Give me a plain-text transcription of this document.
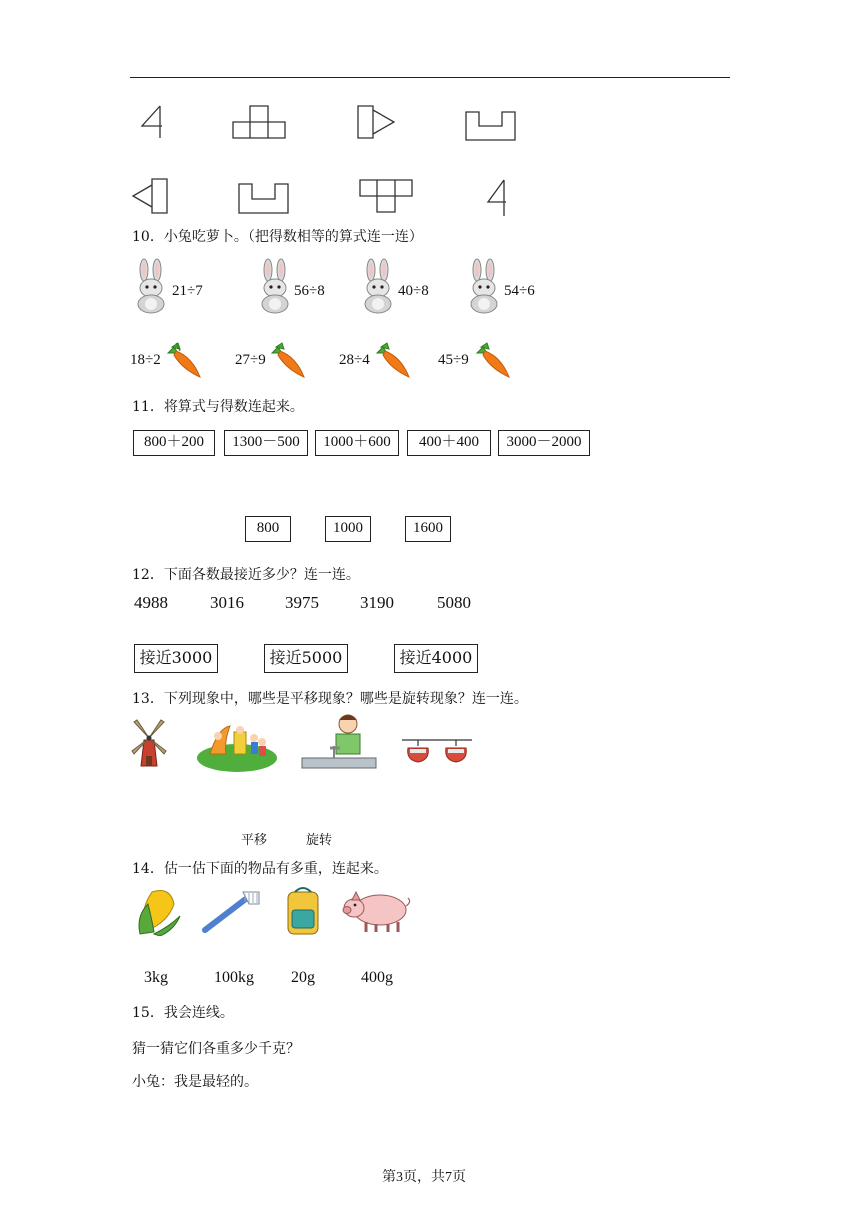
10．小兔吃萝卜。（把得数相等的算式连一连）
21÷7	56÷8	40÷8	54÷6
18÷2	27÷9	28÷4	45÷9
11．将算式与得数连起来。
800＋200	1300－500	1000＋600	400＋400	3000－2000
800	1000	1600
12．下面各数最接近多少？连一连。
4988 3016 3975 3190	5080
接近3000	接近5000	接近4000
13．下列现象中，哪些是平移现象？哪些是旋转现象？连一连。
平移	旋转
14．估一估下面的物品有多重，连起来。
3kg	100kg 20g	400g
15．我会连线。
猜一猜它们各重多少千克？
小兔：我是最轻的。
第3页，共7页
